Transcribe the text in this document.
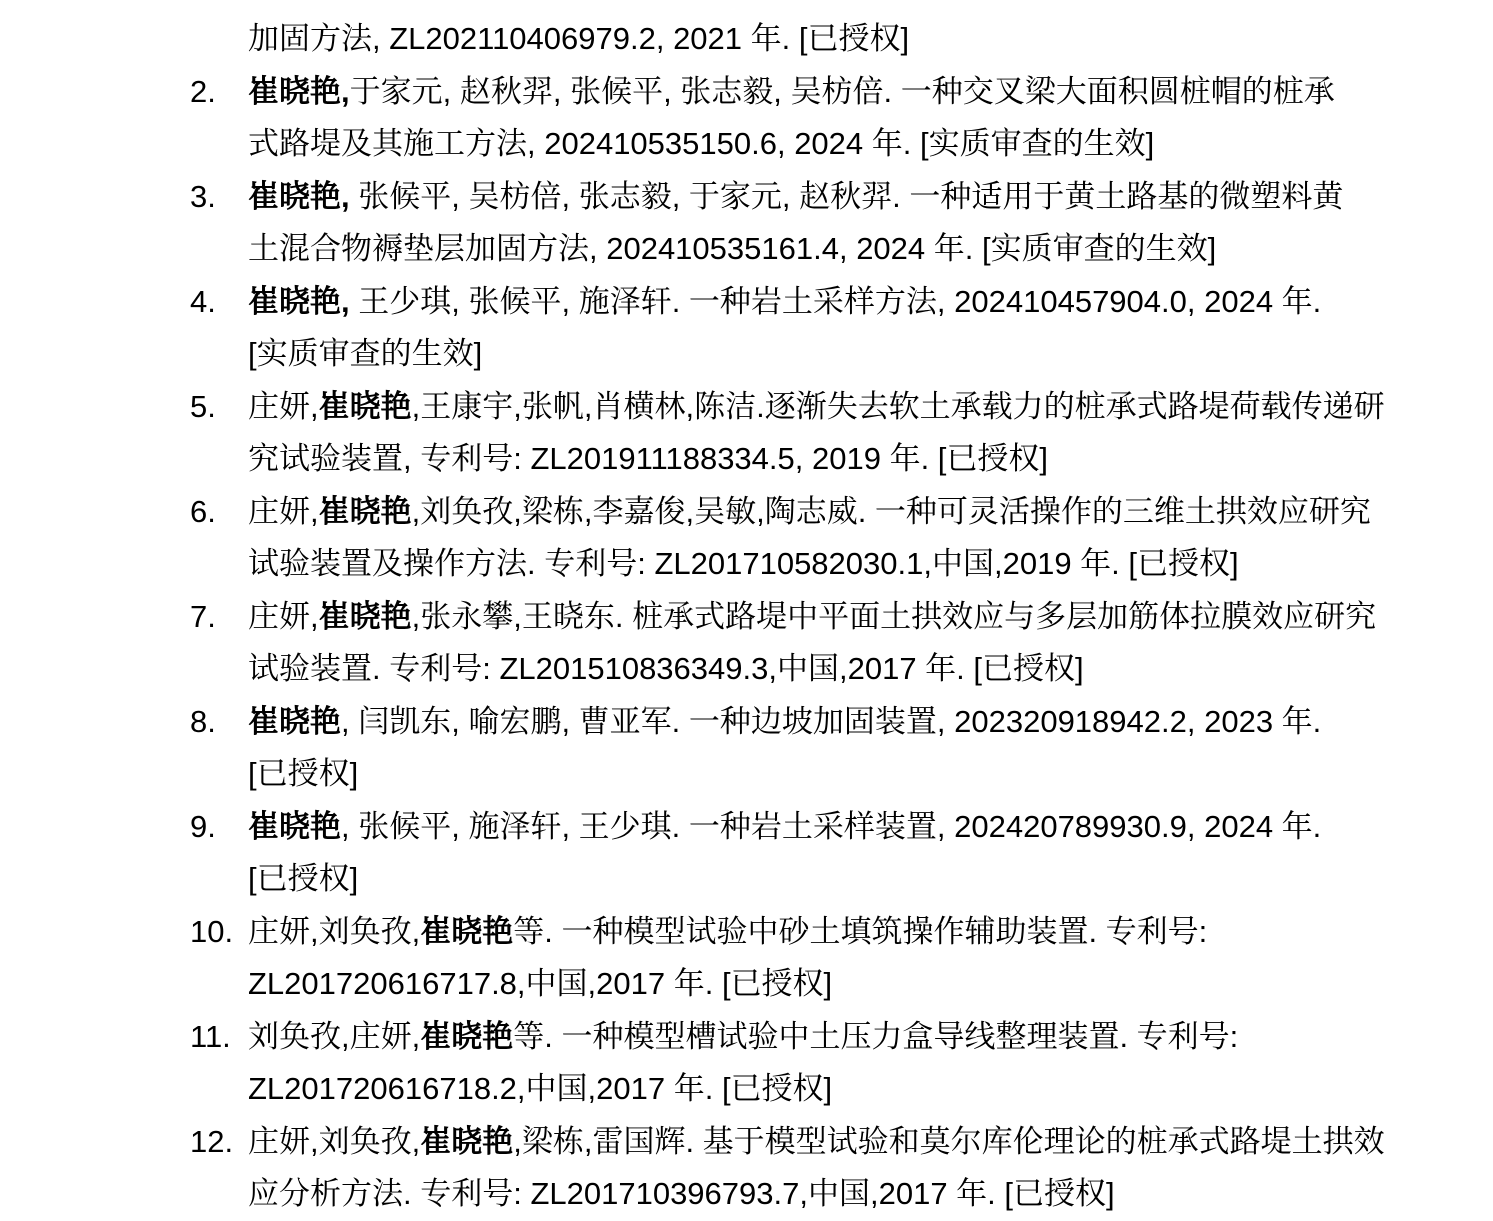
加固方法, ZL202110406979.2, 2021 年. [已授权]
2. 崔晓艳,于家元, 赵秋羿, 张候平, 张志毅, 吴枋倍. 一种交叉梁大面积圆桩帽的桩承
式路堤及其施工方法, 202410535150.6, 2024 年. [实质审查的生效]
3. 崔晓艳, 张候平, 吴枋倍, 张志毅, 于家元, 赵秋羿. 一种适用于黄土路基的微塑料黄
土混合物褥垫层加固方法, 202410535161.4, 2024 年. [实质审查的生效]
4. 崔晓艳, 王少琪, 张候平, 施泽轩. 一种岩土采样方法, 202410457904.0, 2024 年.
[实质审查的生效]
5. 庄妍,崔晓艳,王康宇,张帆,肖横林,陈洁.逐渐失去软土承载力的桩承式路堤荷载传递研
究试验装置, 专利号: ZL201911188334.5, 2019 年. [已授权]
6. 庄妍,崔晓艳,刘奂孜,梁栋,李嘉俊,吴敏,陶志威. 一种可灵活操作的三维土拱效应研究
试验装置及操作方法. 专利号: ZL201710582030.1,中国,2019 年. [已授权]
7. 庄妍,崔晓艳,张永攀,王晓东. 桩承式路堤中平面土拱效应与多层加筋体拉膜效应研究
试验装置. 专利号: ZL201510836349.3,中国,2017 年. [已授权]
8. 崔晓艳, 闫凯东, 喻宏鹏, 曹亚军. 一种边坡加固装置, 202320918942.2, 2023 年.
[已授权]
9. 崔晓艳, 张候平, 施泽轩, 王少琪. 一种岩土采样装置, 202420789930.9, 2024 年.
[已授权]
10. 庄妍,刘奂孜,崔晓艳等. 一种模型试验中砂土填筑操作辅助装置. 专利号:
ZL201720616717.8,中国,2017 年. [已授权]
11. 刘奂孜,庄妍,崔晓艳等. 一种模型槽试验中土压力盒导线整理装置. 专利号:
ZL201720616718.2,中国,2017 年. [已授权]
12. 庄妍,刘奂孜,崔晓艳,梁栋,雷国辉. 基于模型试验和莫尔库伦理论的桩承式路堤土拱效
应分析方法. 专利号: ZL201710396793.7,中国,2017 年. [已授权]
